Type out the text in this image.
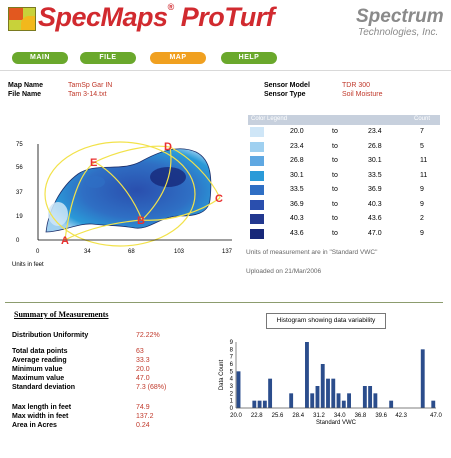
SpecMaps® ProTurf	Spectrum
Technologies, Inc.
MAIN	FILE	MAP	HELP
Map Name	TamSp Gar IN
File Name	Tam 3-14.txt
Sensor Model	TDR 300
Sensor Type	Soil Moisture
75
56
37
19
0
0	34	68	103	137
A
B
C
D
E
Units in feet
Color Legend	Count
20.0	to	23.4	7
23.4	to	26.8	5
26.8	to	30.1	11
30.1	to	33.5	11
33.5	to	36.9	9
36.9	to	40.3	9
40.3	to	43.6	2
43.6	to	47.0	9
Units of measurement are in "Standard VWC"
Uploaded on 21/Mar/2006
Summary of Measurements
Distribution Uniformity	72.22%
Total data points	63
Average reading	33.3
Minimum value	20.0
Maximum value	47.0
Standard deviation	7.3 (68%)
Max length in feet	74.9
Max width in feet	137.2
Area in Acres	0.24
Histogram showing data variability
0
1
2
3
4
5
6
7
8
9
20.0 22.8 25.6 28.4 31.2 34.0 36.8 39.6 42.3	47.0
Standard VWC
Data Count
